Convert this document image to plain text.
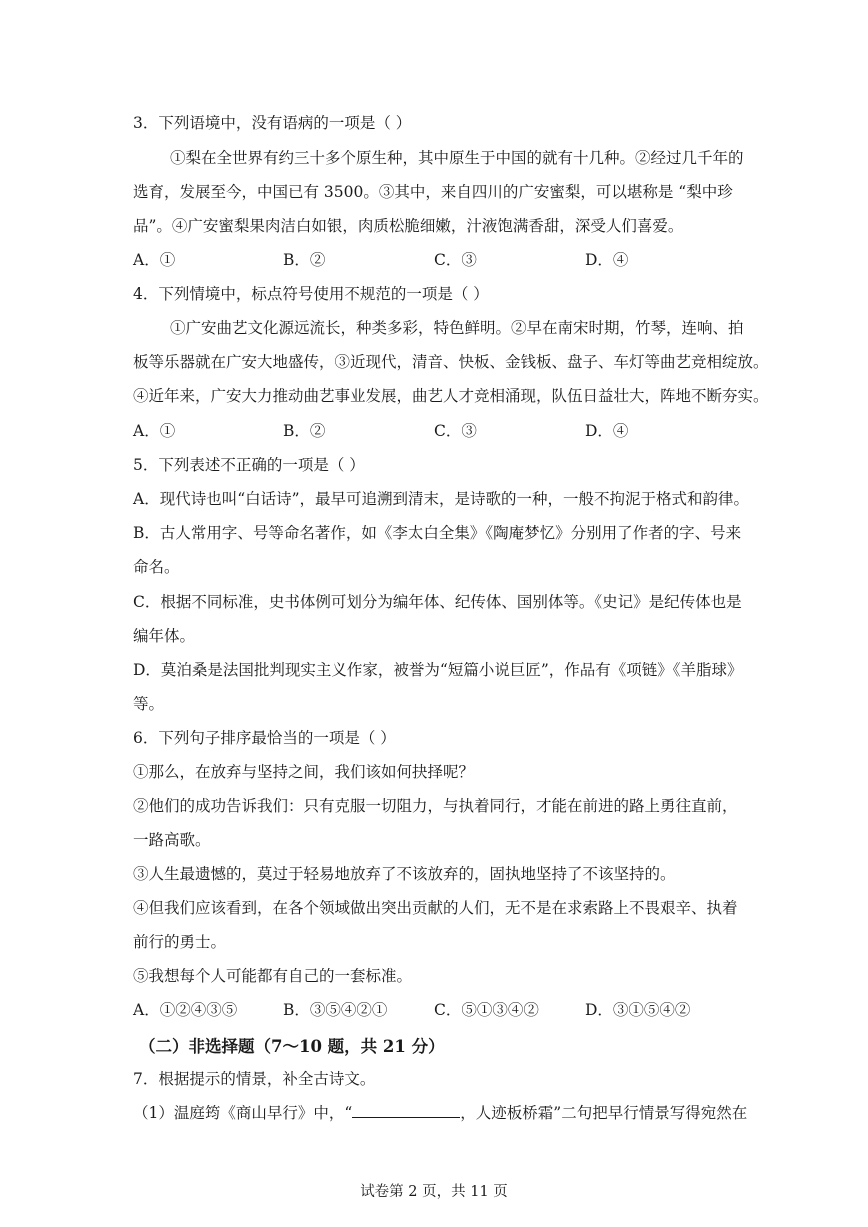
3．下列语境中，没有语病的一项是（ ）
①梨在全世界有约三十多个原生种，其中原生于中国的就有十几种。②经过几千年的
选育，发展至今，中国已有 3500。③其中，来自四川的广安蜜梨，可以堪称是 “梨中珍
品”。④广安蜜梨果肉洁白如银，肉质松脆细嫩，汁液饱满香甜，深受人们喜爱。
A．①	B．②	C．③	D．④
4．下列情境中，标点符号使用不规范的一项是（ ）
①广安曲艺文化源远流长，种类多彩，特色鲜明。②早在南宋时期，竹琴，连响、拍
板等乐器就在广安大地盛传，③近现代，清音、快板、金钱板、盘子、车灯等曲艺竞相绽放。
④近年来，广安大力推动曲艺事业发展，曲艺人才竞相涌现，队伍日益壮大，阵地不断夯实。
A．①	B．②	C．③	D．④
5．下列表述不正确的一项是（ ）
A．现代诗也叫“白话诗”，最早可追溯到清末，是诗歌的一种，一般不拘泥于格式和韵律。
B．古人常用字、号等命名著作，如《李太白全集》《陶庵梦忆》分别用了作者的字、号来
命名。
C．根据不同标准，史书体例可划分为编年体、纪传体、国别体等。《史记》是纪传体也是
编年体。
D．莫泊桑是法国批判现实主义作家，被誉为“短篇小说巨匠”，作品有《项链》《羊脂球》
等。
6．下列句子排序最恰当的一项是（ ）
①那么，在放弃与坚持之间，我们该如何抉择呢？
②他们的成功告诉我们：只有克服一切阻力，与执着同行，才能在前进的路上勇往直前，
一路高歌。
③人生最遗憾的，莫过于轻易地放弃了不该放弃的，固执地坚持了不该坚持的。
④但我们应该看到，在各个领域做出突出贡献的人们，无不是在求索路上不畏艰辛、执着
前行的勇士。
⑤我想每个人可能都有自己的一套标准。
A．①②④③⑤	B．③⑤④②①	C．⑤①③④②	D．③①⑤④②
（二）非选择题（7～10 题，共 21 分）
7．根据提示的情景，补全古诗文。
（1）温庭筠《商山早行》中，“	，人迹板桥霜”二句把早行情景写得宛然在
试卷第 2 页，共 11 页
